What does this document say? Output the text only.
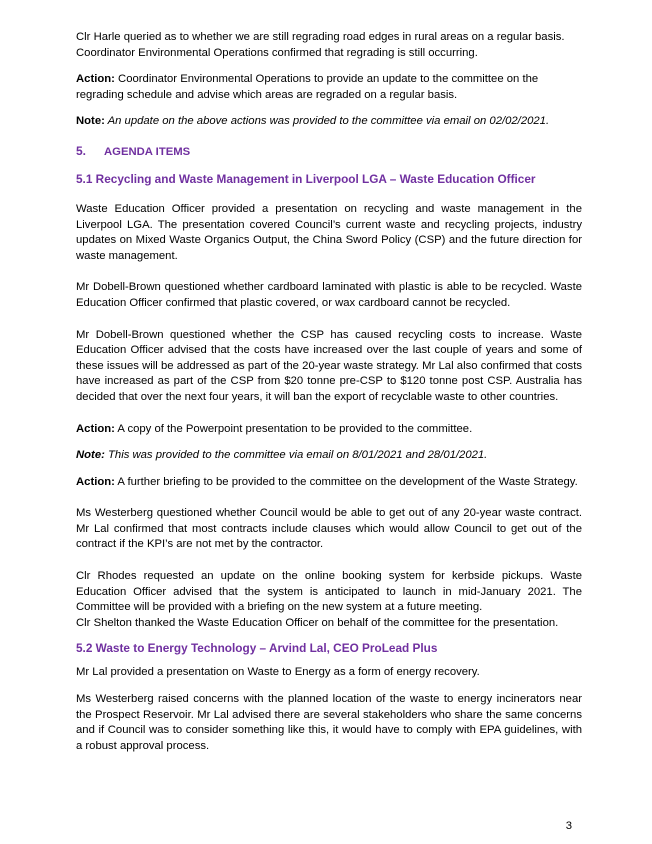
Clr Harle queried as to whether we are still regrading road edges in rural areas on a regular basis. Coordinator Environmental Operations confirmed that regrading is still occurring.

Action: Coordinator Environmental Operations to provide an update to the committee on the regrading schedule and advise which areas are regraded on a regular basis.

Note: An update on the above actions was provided to the committee via email on 02/02/2021.

5. AGENDA ITEMS
5.1 Recycling and Waste Management in Liverpool LGA – Waste Education Officer

Waste Education Officer provided a presentation on recycling and waste management in the Liverpool LGA. The presentation covered Council’s current waste and recycling projects, industry updates on Mixed Waste Organics Output, the China Sword Policy (CSP) and the future direction for waste management.

Mr Dobell-Brown questioned whether cardboard laminated with plastic is able to be recycled. Waste Education Officer confirmed that plastic covered, or wax cardboard cannot be recycled.

Mr Dobell-Brown questioned whether the CSP has caused recycling costs to increase. Waste Education Officer advised that the costs have increased over the last couple of years and some of these issues will be addressed as part of the 20-year waste strategy. Mr Lal also confirmed that costs have increased as part of the CSP from $20 tonne pre-CSP to $120 tonne post CSP. Australia has decided that over the next four years, it will ban the export of recyclable waste to other countries.

Action: A copy of the Powerpoint presentation to be provided to the committee.

Note: This was provided to the committee via email on 8/01/2021 and 28/01/2021.

Action: A further briefing to be provided to the committee on the development of the Waste Strategy.

Ms Westerberg questioned whether Council would be able to get out of any 20-year waste contract. Mr Lal confirmed that most contracts include clauses which would allow Council to get out of the contract if the KPI’s are not met by the contractor.

Clr Rhodes requested an update on the online booking system for kerbside pickups. Waste Education Officer advised that the system is anticipated to launch in mid-January 2021. The Committee will be provided with a briefing on the new system at a future meeting.

Clr Shelton thanked the Waste Education Officer on behalf of the committee for the presentation.

5.2 Waste to Energy Technology – Arvind Lal, CEO ProLead Plus

Mr Lal provided a presentation on Waste to Energy as a form of energy recovery.

Ms Westerberg raised concerns with the planned location of the waste to energy incinerators near the Prospect Reservoir. Mr Lal advised there are several stakeholders who share the same concerns and if Council was to consider something like this, it would have to comply with EPA guidelines, with a robust approval process.

3
